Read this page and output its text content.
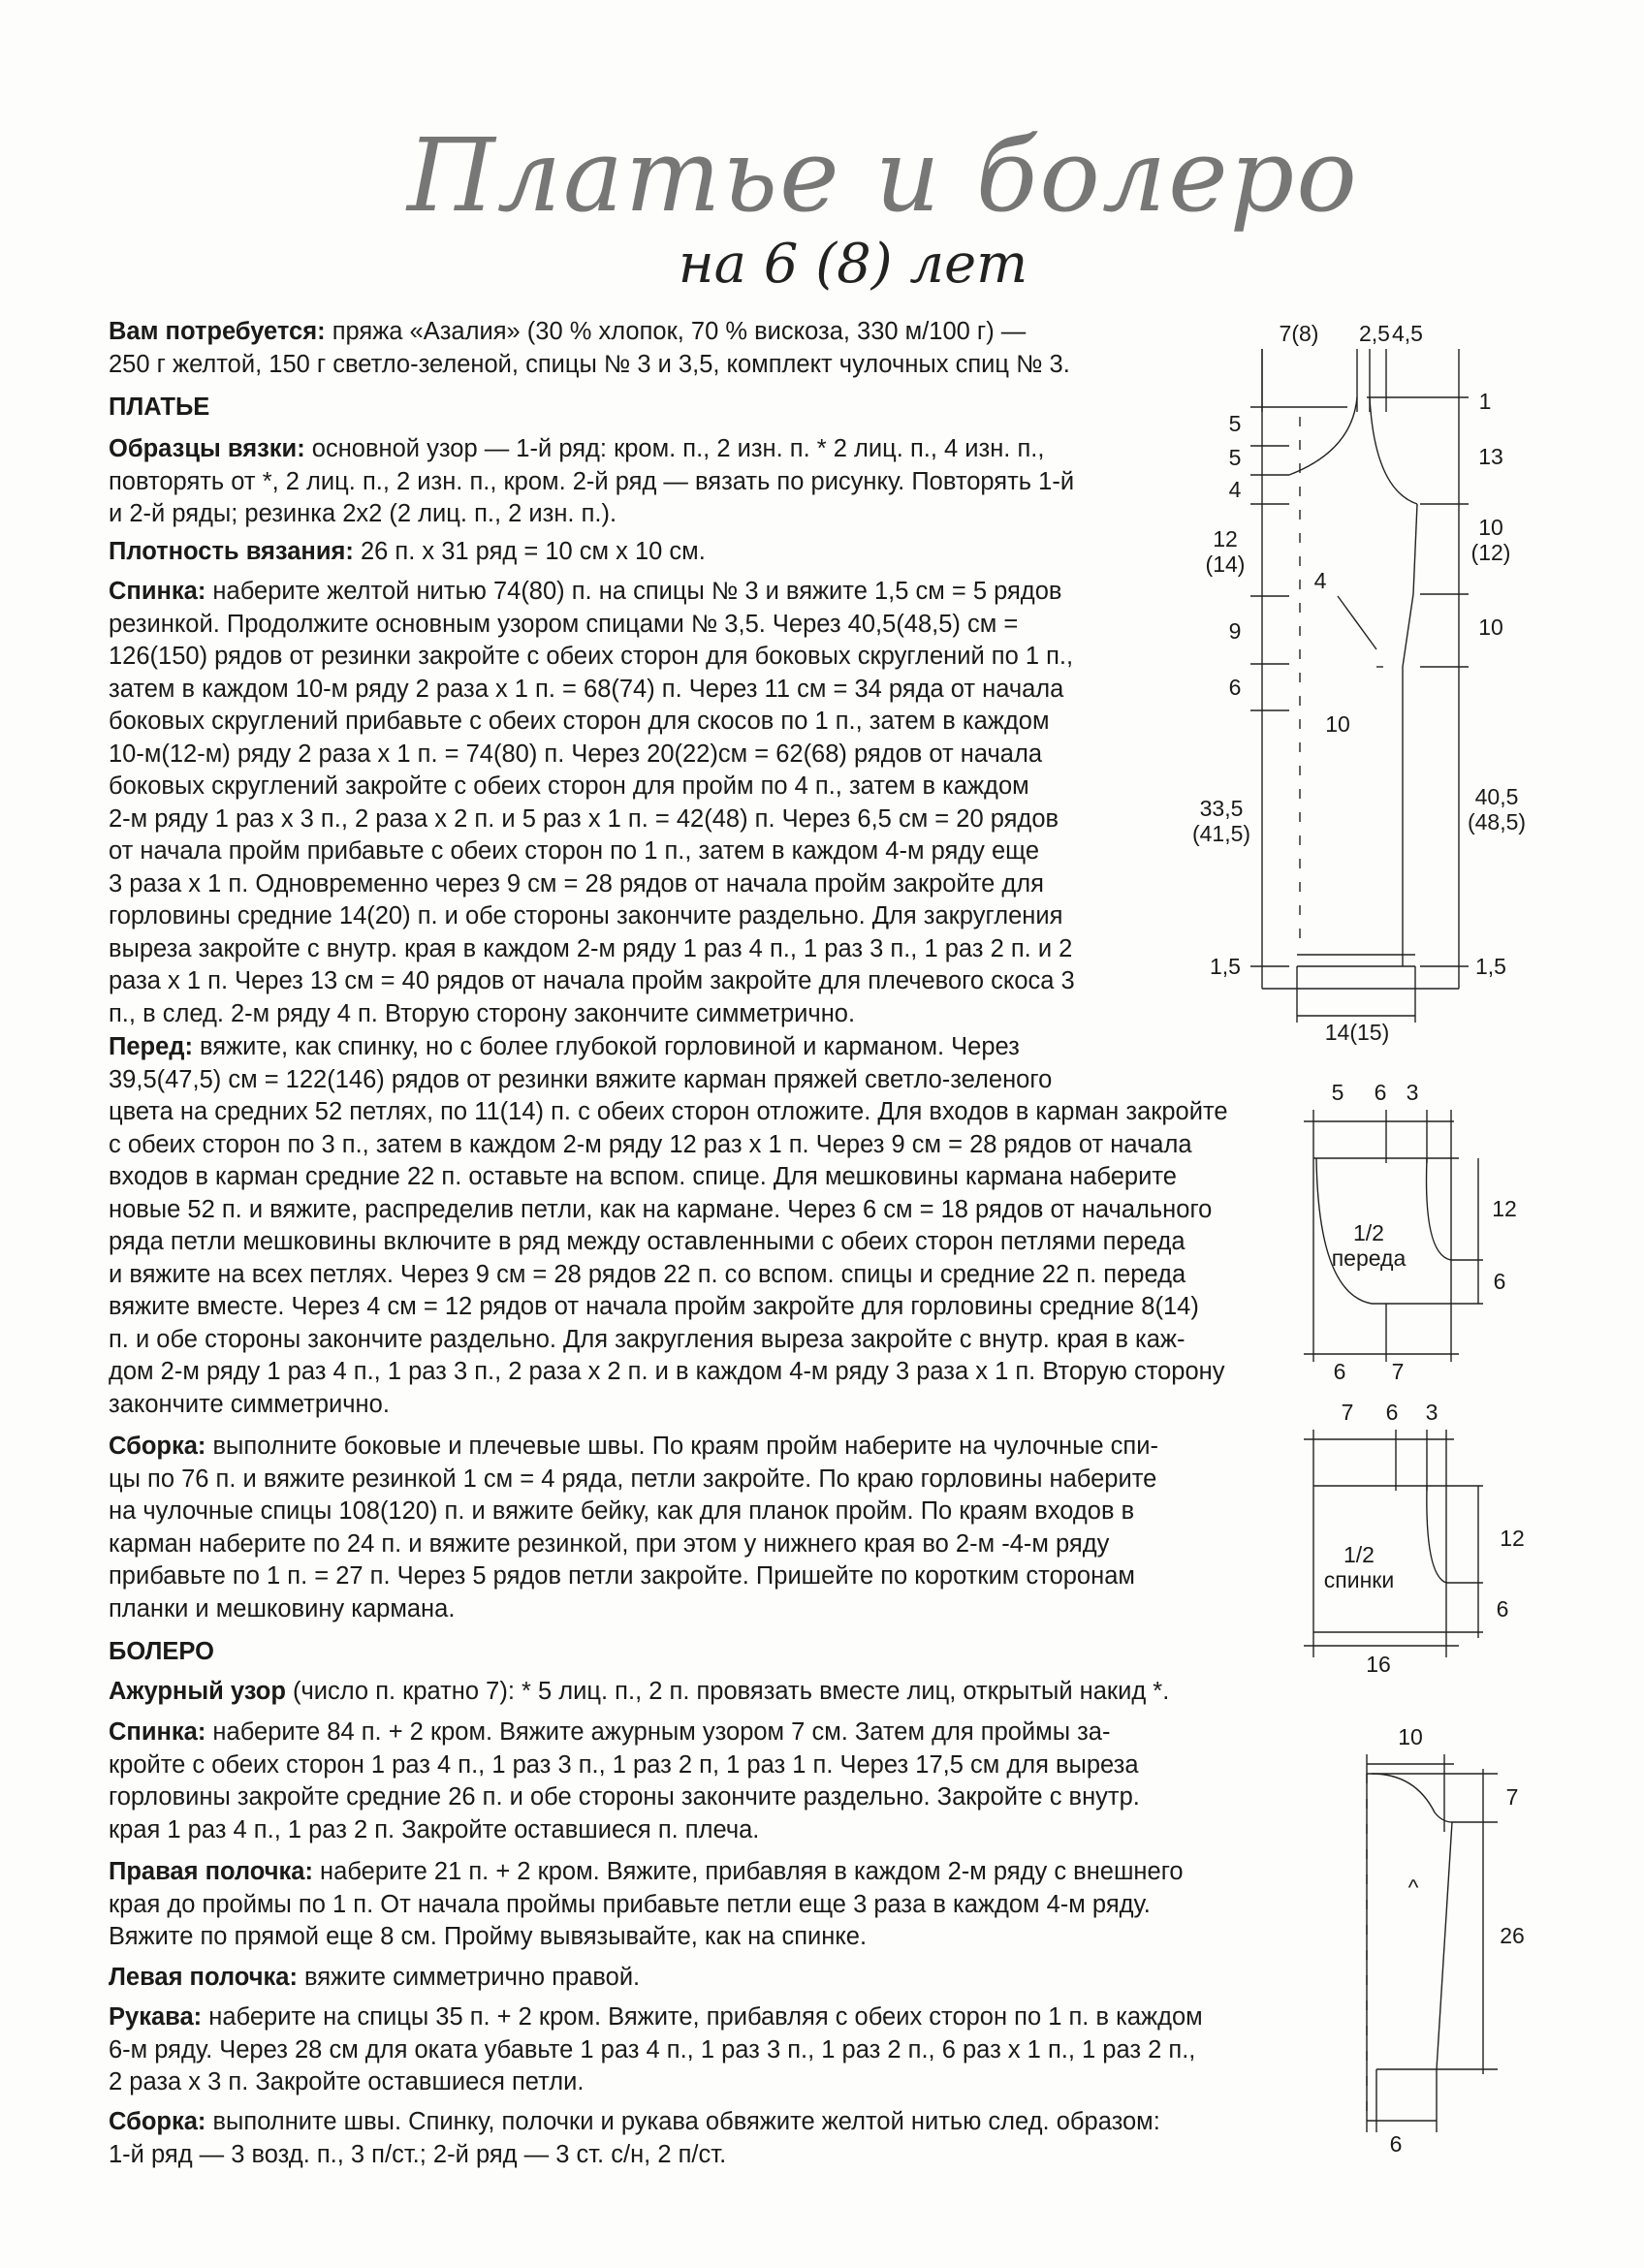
Платье и болеро
на 6 (8) лет
Вам потребуется: пряжа «Азалия» (30 % хлопок, 70 % вискоза, 330 м/100 г) —
250 г желтой, 150 г светло-зеленой, спицы № 3 и 3,5, комплект чулочных спиц № 3.
ПЛАТЬЕ
Образцы вязки: основной узор — 1-й ряд: кром. п., 2 изн. п. * 2 лиц. п., 4 изн. п.,
повторять от *, 2 лиц. п., 2 изн. п., кром. 2-й ряд — вязать по рисунку. Повторять 1-й
и 2-й ряды; резинка 2х2 (2 лиц. п., 2 изн. п.).
Плотность вязания: 26 п. х 31 ряд = 10 см х 10 см.
Спинка: наберите желтой нитью 74(80) п. на спицы № 3 и вяжите 1,5 см = 5 рядов
резинкой. Продолжите основным узором спицами № 3,5. Через 40,5(48,5) см =
126(150) рядов от резинки закройте с обеих сторон для боковых скруглений по 1 п.,
затем в каждом 10-м ряду 2 раза х 1 п. = 68(74) п. Через 11 см = 34 ряда от начала
боковых скруглений прибавьте с обеих сторон для скосов по 1 п., затем в каждом
10-м(12-м) ряду 2 раза х 1 п. = 74(80) п. Через 20(22)см = 62(68) рядов от начала
боковых скруглений закройте с обеих сторон для пройм по 4 п., затем в каждом
2-м ряду 1 раз х 3 п., 2 раза х 2 п. и 5 раз х 1 п. = 42(48) п. Через 6,5 см = 20 рядов
от начала пройм прибавьте с обеих сторон по 1 п., затем в каждом 4-м ряду еще
3 раза х 1 п. Одновременно через 9 см = 28 рядов от начала пройм закройте для
горловины средние 14(20) п. и обе стороны закончите раздельно. Для закругления
выреза закройте с внутр. края в каждом 2-м ряду 1 раз 4 п., 1 раз 3 п., 1 раз 2 п. и 2
раза х 1 п. Через 13 см = 40 рядов от начала пройм закройте для плечевого скоса 3
п., в след. 2-м ряду 4 п. Вторую сторону закончите симметрично.
Перед: вяжите, как спинку, но с более глубокой горловиной и карманом. Через
39,5(47,5) см = 122(146) рядов от резинки вяжите карман пряжей светло-зеленого
цвета на средних 52 петлях, по 11(14) п. с обеих сторон отложите. Для входов в карман закройте
с обеих сторон по 3 п., затем в каждом 2-м ряду 12 раз х 1 п. Через 9 см = 28 рядов от начала
входов в карман средние 22 п. оставьте на вспом. спице. Для мешковины кармана наберите
новые 52 п. и вяжите, распределив петли, как на кармане. Через 6 см = 18 рядов от начального
ряда петли мешковины включите в ряд между оставленными с обеих сторон петлями переда
и вяжите на всех петлях. Через 9 см = 28 рядов 22 п. со вспом. спицы и средние 22 п. переда
вяжите вместе. Через 4 см = 12 рядов от начала пройм закройте для горловины средние 8(14)
п. и обе стороны закончите раздельно. Для закругления выреза закройте с внутр. края в каж-
дом 2-м ряду 1 раз 4 п., 1 раз 3 п., 2 раза х 2 п. и в каждом 4-м ряду 3 раза х 1 п. Вторую сторону
закончите симметрично.
Сборка: выполните боковые и плечевые швы. По краям пройм наберите на чулочные спи-
цы по 76 п. и вяжите резинкой 1 см = 4 ряда, петли закройте. По краю горловины наберите
на чулочные спицы 108(120) п. и вяжите бейку, как для планок пройм. По краям входов в
карман наберите по 24 п. и вяжите резинкой, при этом у нижнего края во 2-м -4-м ряду
прибавьте по 1 п. = 27 п. Через 5 рядов петли закройте. Пришейте по коротким сторонам
планки и мешковину кармана.
БОЛЕРО
Ажурный узор (число п. кратно 7): * 5 лиц. п., 2 п. провязать вместе лиц, открытый накид *.
Спинка: наберите 84 п. + 2 кром. Вяжите ажурным узором 7 см. Затем для проймы за-
кройте с обеих сторон 1 раз 4 п., 1 раз 3 п., 1 раз 2 п, 1 раз 1 п. Через 17,5 см для выреза
горловины закройте средние 26 п. и обе стороны закончите раздельно. Закройте с внутр.
края 1 раз 4 п., 1 раз 2 п. Закройте оставшиеся п. плеча.
Правая полочка: наберите 21 п. + 2 кром. Вяжите, прибавляя в каждом 2-м ряду с внешнего
края до проймы по 1 п. От начала проймы прибавьте петли еще 3 раза в каждом 4-м ряду.
Вяжите по прямой еще 8 см. Пройму вывязывайте, как на спинке.
Левая полочка: вяжите симметрично правой.
Рукава: наберите на спицы 35 п. + 2 кром. Вяжите, прибавляя с обеих сторон по 1 п. в каждом
6-м ряду. Через 28 см для оката убавьте 1 раз 4 п., 1 раз 3 п., 1 раз 2 п., 6 раз х 1 п., 1 раз 2 п.,
2 раза х 3 п. Закройте оставшиеся петли.
Сборка: выполните швы. Спинку, полочки и рукава обвяжите желтой нитью след. образом:
1-й ряд — 3 возд. п., 3 п/ст.; 2-й ряд — 3 ст. с/н, 2 п/ст.
7(8) 2,5 4,5
5
5
4
12
(14)
9
6
33,5
(41,5)
1,5
1
13
10
(12)
10
40,5
(48,5)
1,5
4
10
14(15)
5 6 3
12
6
6 7
1/2
переда
7 6 3
12
6
16
1/2
спинки
10
7
26
6
^
